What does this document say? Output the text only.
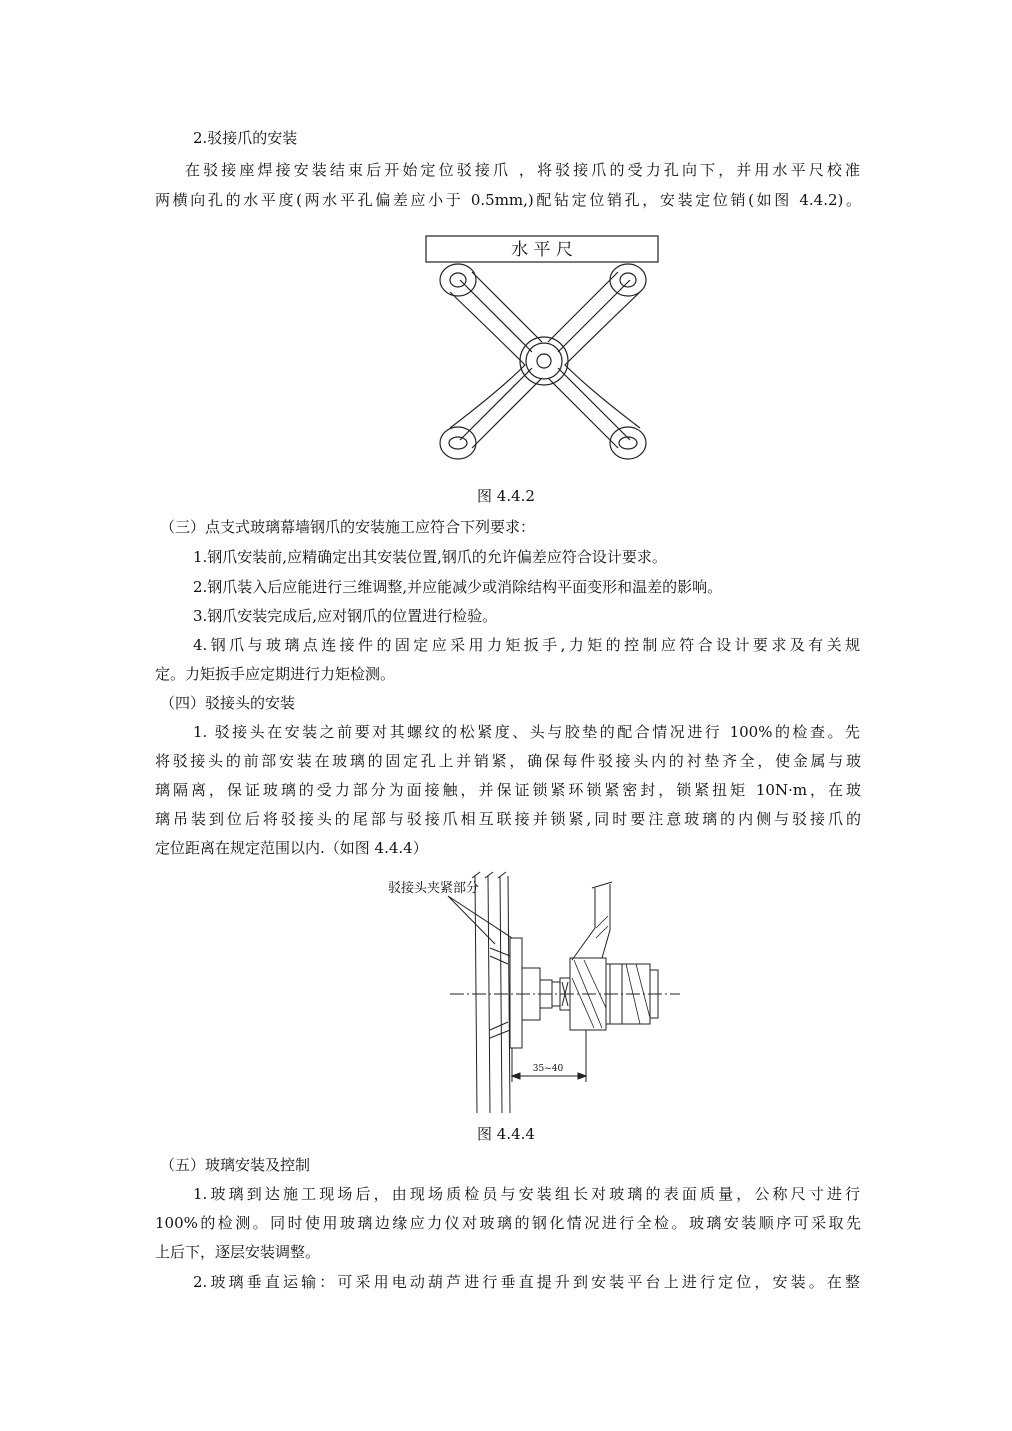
2.驳接爪的安装
在驳接座焊接安装结束后开始定位驳接爪 ，将驳接爪的受力孔向下，并用水平尺校准
两横向孔的水平度(两水平孔偏差应小于 0.5mm,)配钻定位销孔，安装定位销(如图 4.4.2)。
水 平 尺
图 4.4.2
（三）点支式玻璃幕墙钢爪的安装施工应符合下列要求：
1.钢爪安装前,应精确定出其安装位置,钢爪的允许偏差应符合设计要求。
2.钢爪装入后应能进行三维调整,并应能减少或消除结构平面变形和温差的影响。
3.钢爪安装完成后,应对钢爪的位置进行检验。
4.钢爪与玻璃点连接件的固定应采用力矩扳手,力矩的控制应符合设计要求及有关规
定。力矩扳手应定期进行力矩检测。
（四）驳接头的安装
1. 驳接头在安装之前要对其螺纹的松紧度、头与胶垫的配合情况进行 100%的检查。先
将驳接头的前部安装在玻璃的固定孔上并销紧，确保每件驳接头内的衬垫齐全，使金属与玻
璃隔离，保证玻璃的受力部分为面接触，并保证锁紧环锁紧密封，锁紧扭矩 10N·m，在玻
璃吊装到位后将驳接头的尾部与驳接爪相互联接并锁紧,同时要注意玻璃的内侧与驳接爪的
定位距离在规定范围以内.（如图 4.4.4）
驳接头夹紧部分
35~40
图 4.4.4
（五）玻璃安装及控制
1.玻璃到达施工现场后，由现场质检员与安装组长对玻璃的表面质量，公称尺寸进行
100%的检测。同时使用玻璃边缘应力仪对玻璃的钢化情况进行全检。玻璃安装顺序可采取先
上后下，逐层安装调整。
2.玻璃垂直运输：可采用电动葫芦进行垂直提升到安装平台上进行定位，安装。在整
